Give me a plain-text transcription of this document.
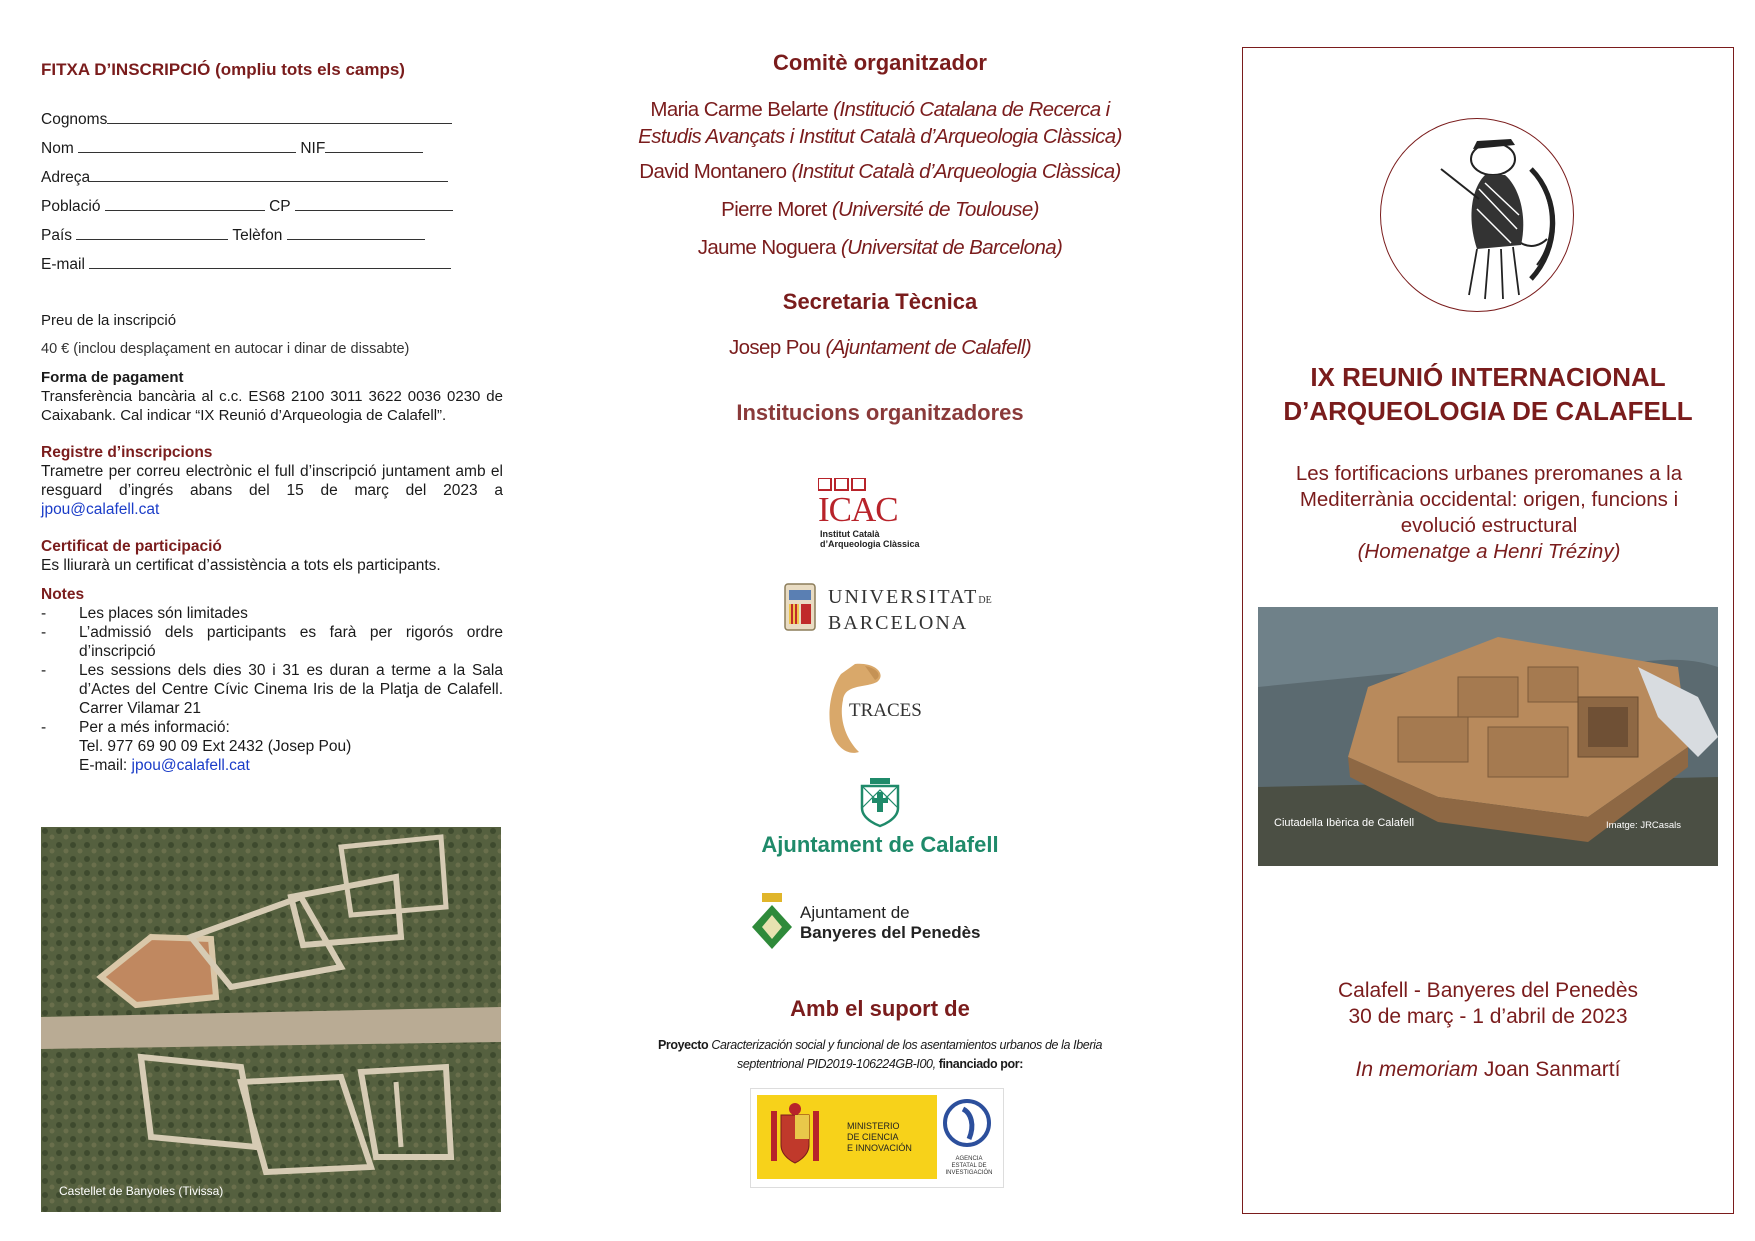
FITXA D’INSCRIPCIÓ (ompliu tots els camps)
Cognoms
Nom	NIF
Adreça
Població	CP
País	Telèfon
E-mail
Preu de la inscripció
40 € (inclou desplaçament en autocar i dinar de dissabte)
Forma de pagament
Transferència bancària al c.c. ES68 2100 3011 3622 0036 0230 de Caixabank. Cal indicar “IX Reunió d’Arqueologia de Calafell”.
Registre d’inscripcions
Trametre per correu electrònic el full d’inscripció juntament amb el resguard d’ingrés abans del 15 de març del 2023 a jpou@calafell.cat
Certificat de participació
Es lliurarà un certificat d’assistència a tots els participants.
Notes
-	Les places són limitades
-	L’admissió dels participants es farà per rigorós ordre d’inscripció
-	Les sessions dels dies 30 i 31 es duran a terme a la Sala d’Actes del Centre Cívic Cinema Iris de la Platja de Calafell. Carrer Vilamar 21
-	Per a més informació:
Tel. 977 69 90 09 Ext 2432 (Josep Pou)
E-mail: jpou@calafell.cat
Castellet de Banyoles (Tivissa)
Comitè organitzador
Maria Carme Belarte (Institució Catalana de Recerca i
Estudis Avançats i Institut Català d’Arqueologia Clàssica)
David Montanero (Institut Català d’Arqueologia Clàssica)
Pierre Moret (Université de Toulouse)
Jaume Noguera (Universitat de Barcelona)
Secretaria Tècnica
Josep Pou (Ajuntament de Calafell)
Institucions organitzadores
ICAC
Institut Català
d’Arqueologia Clàssica
UNIVERSITATDE
BARCELONA
TRACES
Ajuntament de Calafell
Ajuntament de
Banyeres del Penedès
Amb el suport de
Proyecto Caracterización social y funcional de los asentamientos urbanos de la Iberia septentrional PID2019-106224GB-I00, financiado por:
MINISTERIO
DE CIENCIA
E INNOVACIÓN
AGENCIA
ESTATAL DE
INVESTIGACIÓN
IX REUNIÓ INTERNACIONAL
D’ARQUEOLOGIA DE CALAFELL
Les fortificacions urbanes preromanes a la
Mediterrània occidental: origen, funcions i
evolució estructural
(Homenatge a Henri Tréziny)
Ciutadella Ibèrica de Calafell	Imatge: JRCasals
Calafell - Banyeres del Penedès
30 de març - 1 d’abril de 2023
In memoriam Joan Sanmartí
